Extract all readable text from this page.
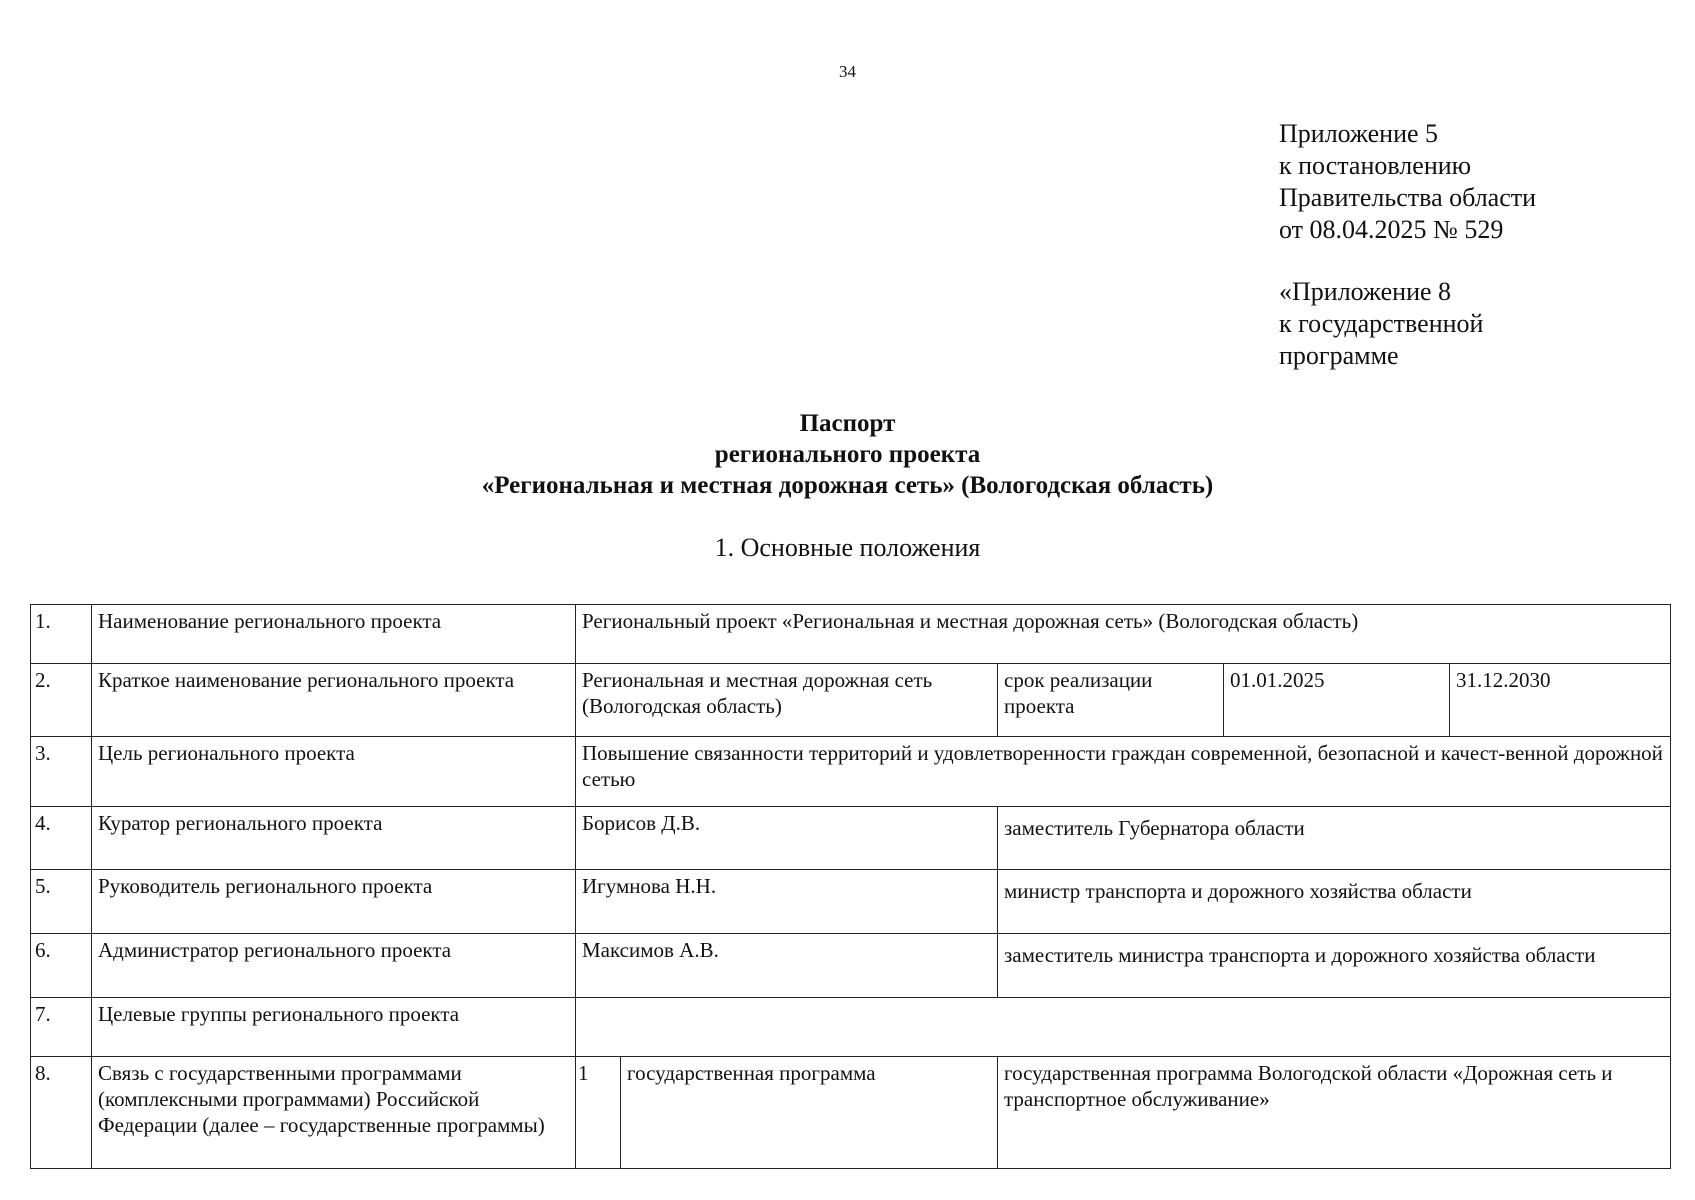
34
Приложение 5
к постановлению
Правительства области
от 08.04.2025 № 529
«Приложение 8
к государственной
программе
Паспорт
регионального проекта
«Региональная и местная дорожная сеть» (Вологодская область)
1. Основные положения
1.	Наименование регионального проекта	Региональный проект «Региональная и местная дорожная сеть» (Вологодская область)				
2.	Краткое наименование регионального проекта	Региональная и местная дорожная сеть (Вологодская область)		срок реализации проекта	01.01.2025	31.12.2030
3.	Цель регионального проекта	Повышение связанности территорий и удовлетворенности граждан современной, безопасной и качест-венной дорожной сетью				
4.	Куратор регионального проекта	Борисов Д.В.		заместитель Губернатора области		
5.	Руководитель регионального проекта	Игумнова Н.Н.		министр транспорта и дорожного хозяйства области		
6.	Администратор регионального проекта	Максимов А.В.		заместитель министра транспорта и дорожного хозяйства области		
7.	Целевые группы регионального проекта					
8.	Связь с государственными программами (комплексными программами) Российской Федерации (далее – государственные программы)	1	государственная программа	государственная программа Вологодской области «Дорожная сеть и транспортное обслуживание»		
